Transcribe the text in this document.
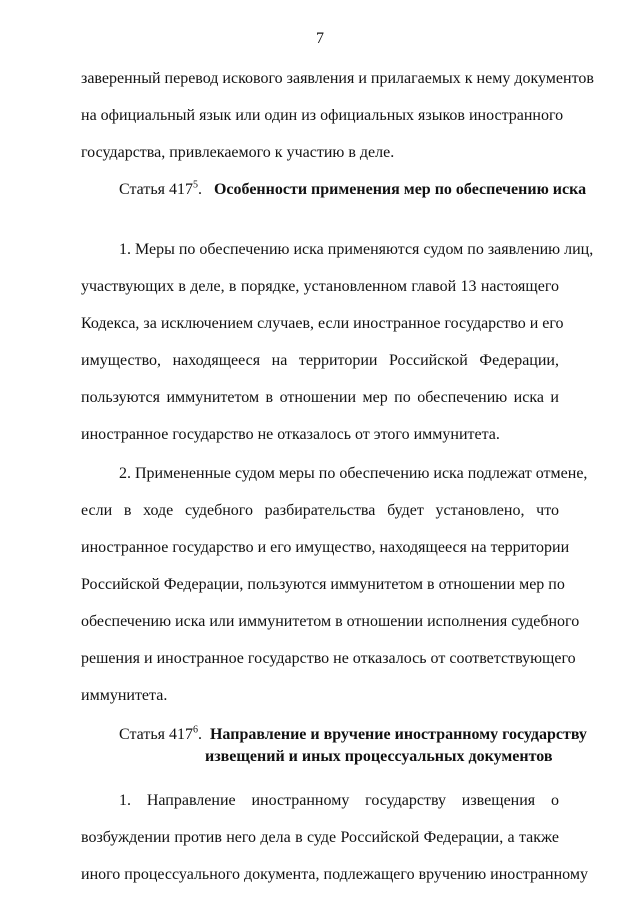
7
заверенный перевод искового заявления и прилагаемых к нему документов
на официальный язык или один из официальных языков иностранного
государства, привлекаемого к участию в деле.
Статья $417^5$. Особенности применения мер по обеспечению иска
1. Меры по обеспечению иска применяются судом по заявлению лиц,
участвующих в деле, в порядке, установленном главой 13 настоящего
Кодекса, за исключением случаев, если иностранное государство и его
имущество, находящееся на территории Российской Федерации,
пользуются иммунитетом в отношении мер по обеспечению иска и
иностранное государство не отказалось от этого иммунитета.
2. Примененные судом меры по обеспечению иска подлежат отмене,
если в ходе судебного разбирательства будет установлено, что
иностранное государство и его имущество, находящееся на территории
Российской Федерации, пользуются иммунитетом в отношении мер по
обеспечению иска или иммунитетом в отношении исполнения судебного
решения и иностранное государство не отказалось от соответствующего
иммунитета.
Статья $417^6$. Направление и вручение иностранному государству
извещений и иных процессуальных документов
1. Направление иностранному государству извещения о
возбуждении против него дела в суде Российской Федерации, а также
иного процессуального документа, подлежащего вручению иностранному
